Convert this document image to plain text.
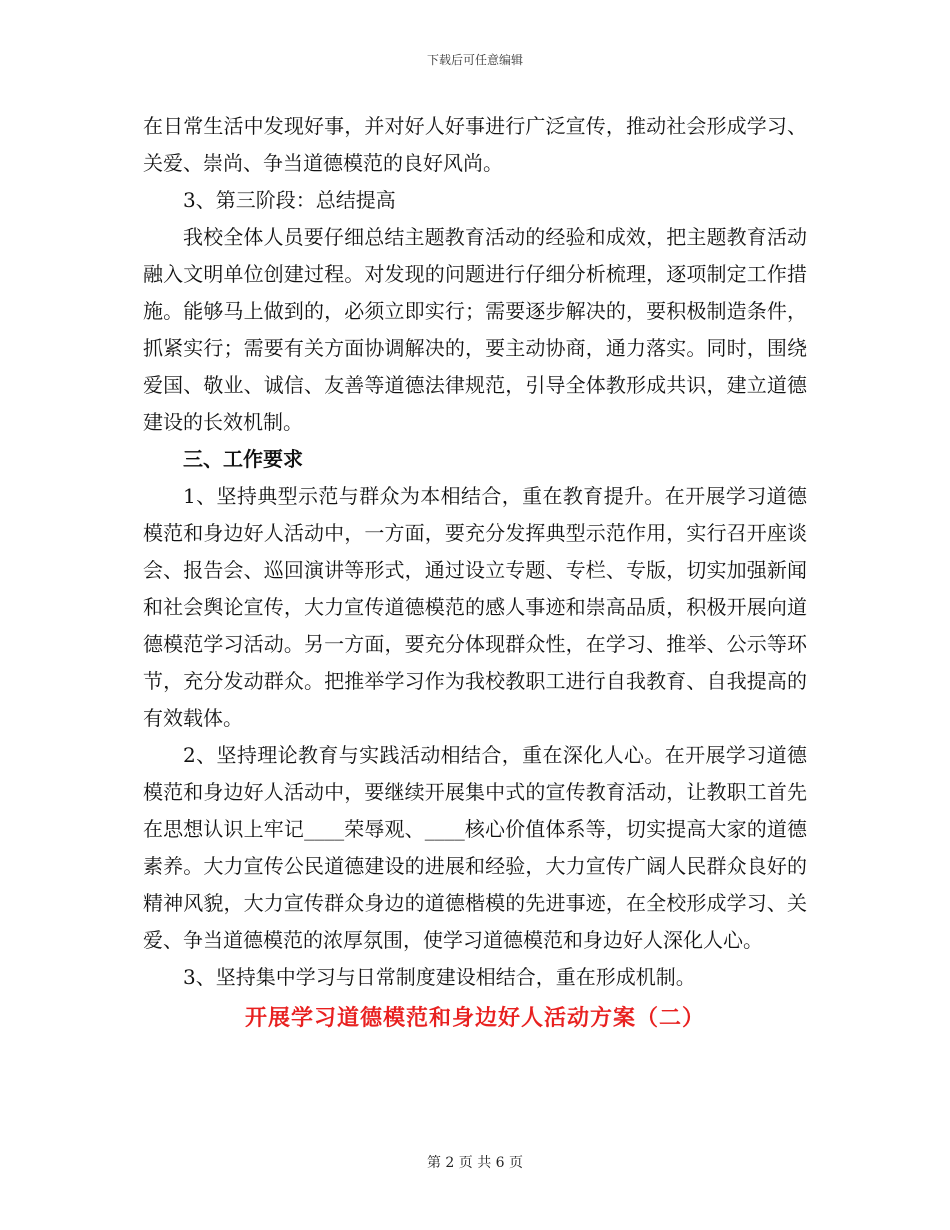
下载后可任意编辑

在日常生活中发现好事，并对好人好事进行广泛宣传，推动社会形成学习、关爱、崇尚、争当道德模范的良好风尚。

3、第三阶段：总结提高

我校全体人员要仔细总结主题教育活动的经验和成效，把主题教育活动融入文明单位创建过程。对发现的问题进行仔细分析梳理，逐项制定工作措施。能够马上做到的，必须立即实行；需要逐步解决的，要积极制造条件，抓紧实行；需要有关方面协调解决的，要主动协商，通力落实。同时，围绕爱国、敬业、诚信、友善等道德法律规范，引导全体教形成共识，建立道德建设的长效机制。

三、工作要求

1、坚持典型示范与群众为本相结合，重在教育提升。在开展学习道德模范和身边好人活动中，一方面，要充分发挥典型示范作用，实行召开座谈会、报告会、巡回演讲等形式，通过设立专题、专栏、专版，切实加强新闻和社会舆论宣传，大力宣传道德模范的感人事迹和崇高品质，积极开展向道德模范学习活动。另一方面，要充分体现群众性，在学习、推举、公示等环节，充分发动群众。把推举学习作为我校教职工进行自我教育、自我提高的有效载体。

2、坚持理论教育与实践活动相结合，重在深化人心。在开展学习道德模范和身边好人活动中，要继续开展集中式的宣传教育活动，让教职工首先在思想认识上牢记____荣辱观、____核心价值体系等，切实提高大家的道德素养。大力宣传公民道德建设的进展和经验，大力宣传广阔人民群众良好的精神风貌，大力宣传群众身边的道德楷模的先进事迹，在全校形成学习、关爱、争当道德模范的浓厚氛围，使学习道德模范和身边好人深化人心。

3、坚持集中学习与日常制度建设相结合，重在形成机制。

开展学习道德模范和身边好人活动方案（二）

第 2 页 共 6 页
